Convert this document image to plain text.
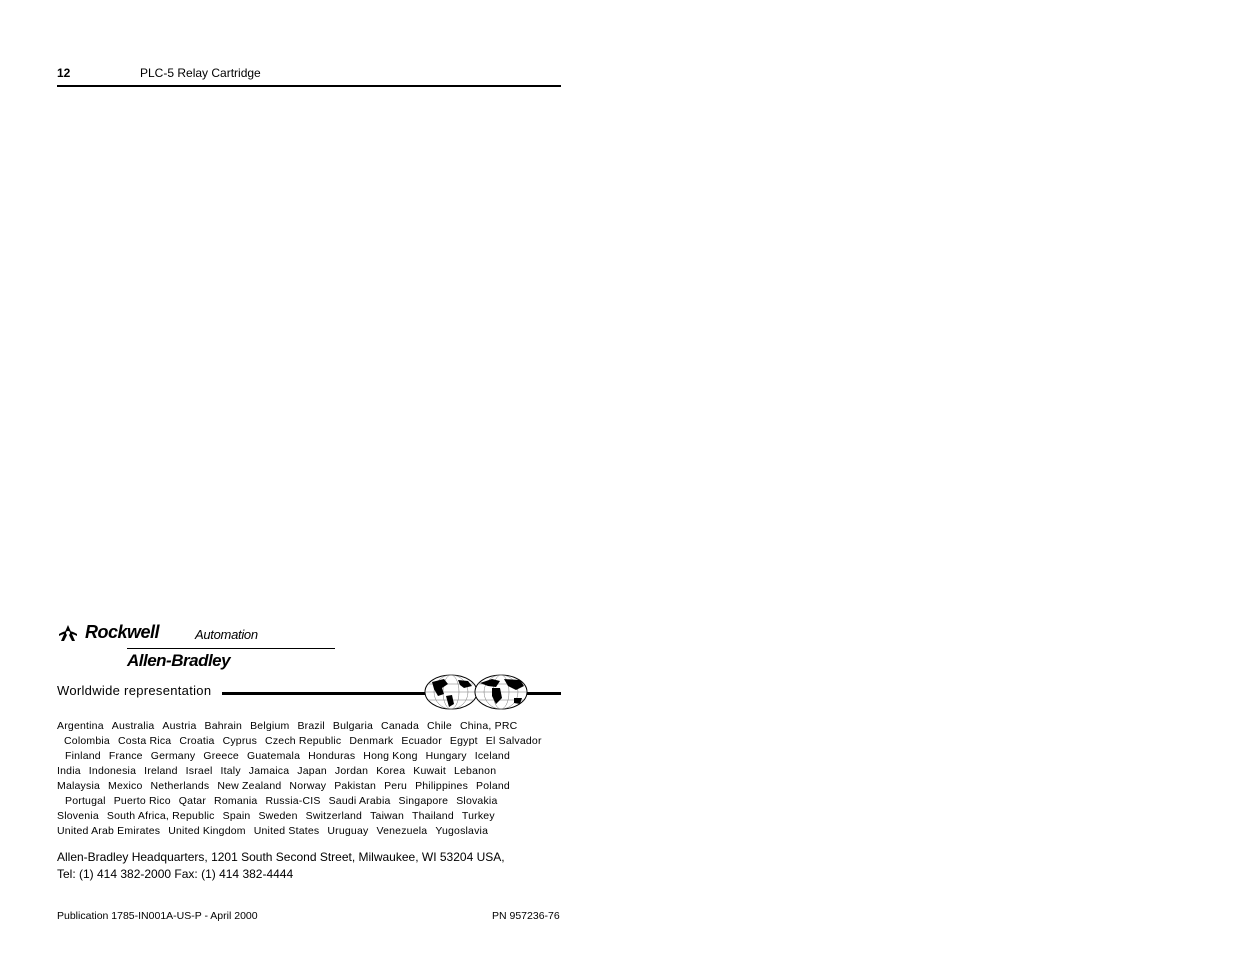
12	PLC-5 Relay Cartridge
Rockwell	Automation
Allen-Bradley
Worldwide representation
Argentina Australia Austria Bahrain Belgium Brazil Bulgaria Canada Chile China, PRC
Colombia Costa Rica Croatia Cyprus Czech Republic Denmark Ecuador Egypt El Salvador
Finland France Germany Greece Guatemala Honduras Hong Kong Hungary Iceland
India Indonesia Ireland Israel Italy Jamaica Japan Jordan Korea Kuwait Lebanon
Malaysia Mexico Netherlands New Zealand Norway Pakistan Peru Philippines Poland
Portugal Puerto Rico Qatar Romania Russia-CIS Saudi Arabia Singapore Slovakia
Slovenia South Africa, Republic Spain Sweden Switzerland Taiwan Thailand Turkey
United Arab Emirates United Kingdom United States Uruguay Venezuela Yugoslavia
Allen-Bradley Headquarters, 1201 South Second Street, Milwaukee, WI 53204 USA,
Tel: (1) 414 382-2000 Fax: (1) 414 382-4444
Publication 1785-IN001A-US-P - April 2000	PN 957236-76
